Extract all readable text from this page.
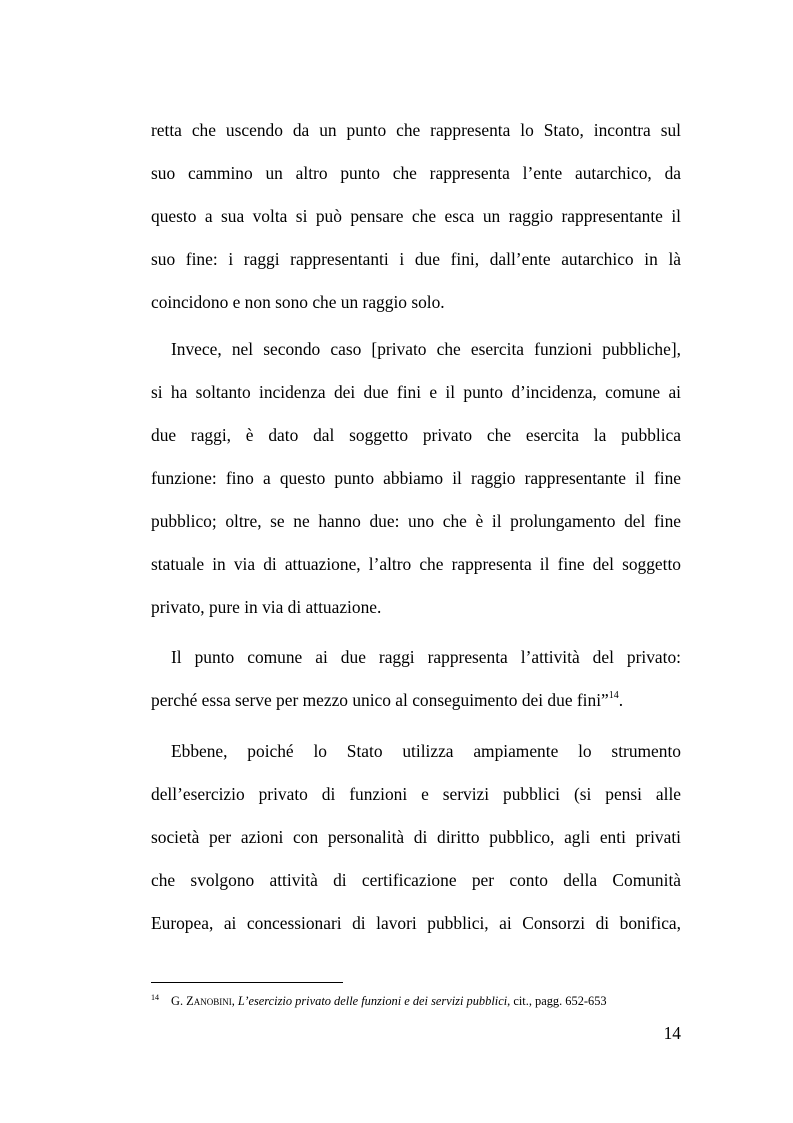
retta che uscendo da un punto che rappresenta lo Stato, incontra sul
suo cammino un altro punto che rappresenta l’ente autarchico, da
questo a sua volta si può pensare che esca un raggio rappresentante il
suo fine: i raggi rappresentanti i due fini, dall’ente autarchico in là
coincidono e non sono che un raggio solo.
Invece, nel secondo caso [privato che esercita funzioni pubbliche],
si ha soltanto incidenza dei due fini e il punto d’incidenza, comune ai
due raggi, è dato dal soggetto privato che esercita la pubblica
funzione: fino a questo punto abbiamo il raggio rappresentante il fine
pubblico; oltre, se ne hanno due: uno che è il prolungamento del fine
statuale in via di attuazione, l’altro che rappresenta il fine del soggetto
privato, pure in via di attuazione.
Il punto comune ai due raggi rappresenta l’attività del privato:
perché essa serve per mezzo unico al conseguimento dei due fini”$^{14}$.
Ebbene, poiché lo Stato utilizza ampiamente lo strumento
dell’esercizio privato di funzioni e servizi pubblici (si pensi alle
società per azioni con personalità di diritto pubblico, agli enti privati
che svolgono attività di certificazione per conto della Comunità
Europea, ai concessionari di lavori pubblici, ai Consorzi di bonifica,
$^{14}$ G. Zanobini, L’esercizio privato delle funzioni e dei servizi pubblici, cit., pagg. 652-653
14
